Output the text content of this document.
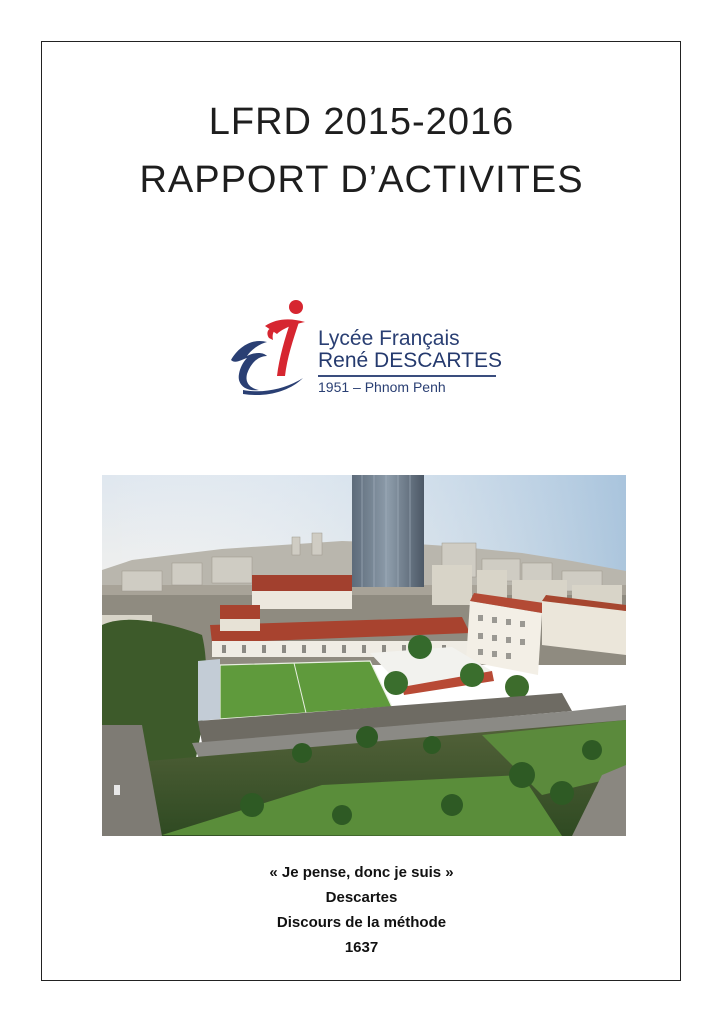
LFRD 2015-2016
RAPPORT D’ACTIVITES
Lycée Français
René DESCARTES
1951 – Phnom Penh
« Je pense, donc je suis »
Descartes
Discours de la méthode
1637
